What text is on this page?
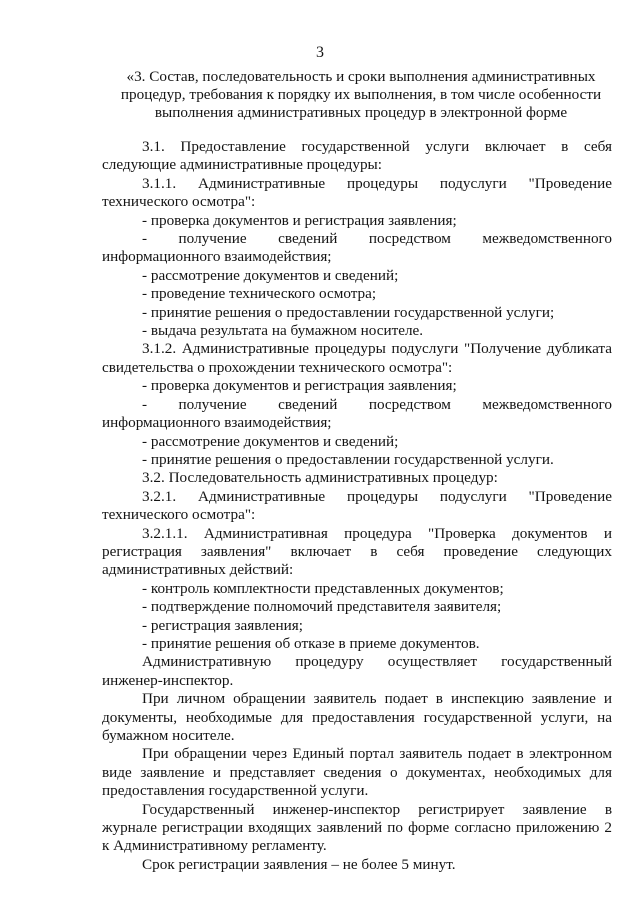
3
«3. Состав, последовательность и сроки выполнения административных процедур, требования к порядку их выполнения, в том числе особенности выполнения административных процедур в электронной форме

3.1. Предоставление государственной услуги включает в себя следующие административные процедуры:

3.1.1. Административные процедуры подуслуги "Проведение технического осмотра":

- проверка документов и регистрация заявления;

- получение сведений посредством межведомственного информационного взаимодействия;

- рассмотрение документов и сведений;

- проведение технического осмотра;

- принятие решения о предоставлении государственной услуги;

- выдача результата на бумажном носителе.

3.1.2. Административные процедуры подуслуги "Получение дубликата свидетельства о прохождении технического осмотра":

- проверка документов и регистрация заявления;

- получение сведений посредством межведомственного информационного взаимодействия;

- рассмотрение документов и сведений;

- принятие решения о предоставлении государственной услуги.

3.2. Последовательность административных процедур:

3.2.1. Административные процедуры подуслуги "Проведение технического осмотра":

3.2.1.1. Административная процедура "Проверка документов и регистрация заявления" включает в себя проведение следующих административных действий:

- контроль комплектности представленных документов;

- подтверждение полномочий представителя заявителя;

- регистрация заявления;

- принятие решения об отказе в приеме документов.

Административную процедуру осуществляет государственный инженер-инспектор.

При личном обращении заявитель подает в инспекцию заявление и документы, необходимые для предоставления государственной услуги, на бумажном носителе.

При обращении через Единый портал заявитель подает в электронном виде заявление и представляет сведения о документах, необходимых для предоставления государственной услуги.

Государственный инженер-инспектор регистрирует заявление в журнале регистрации входящих заявлений по форме согласно приложению 2 к Административному регламенту.

Срок регистрации заявления – не более 5 минут.
